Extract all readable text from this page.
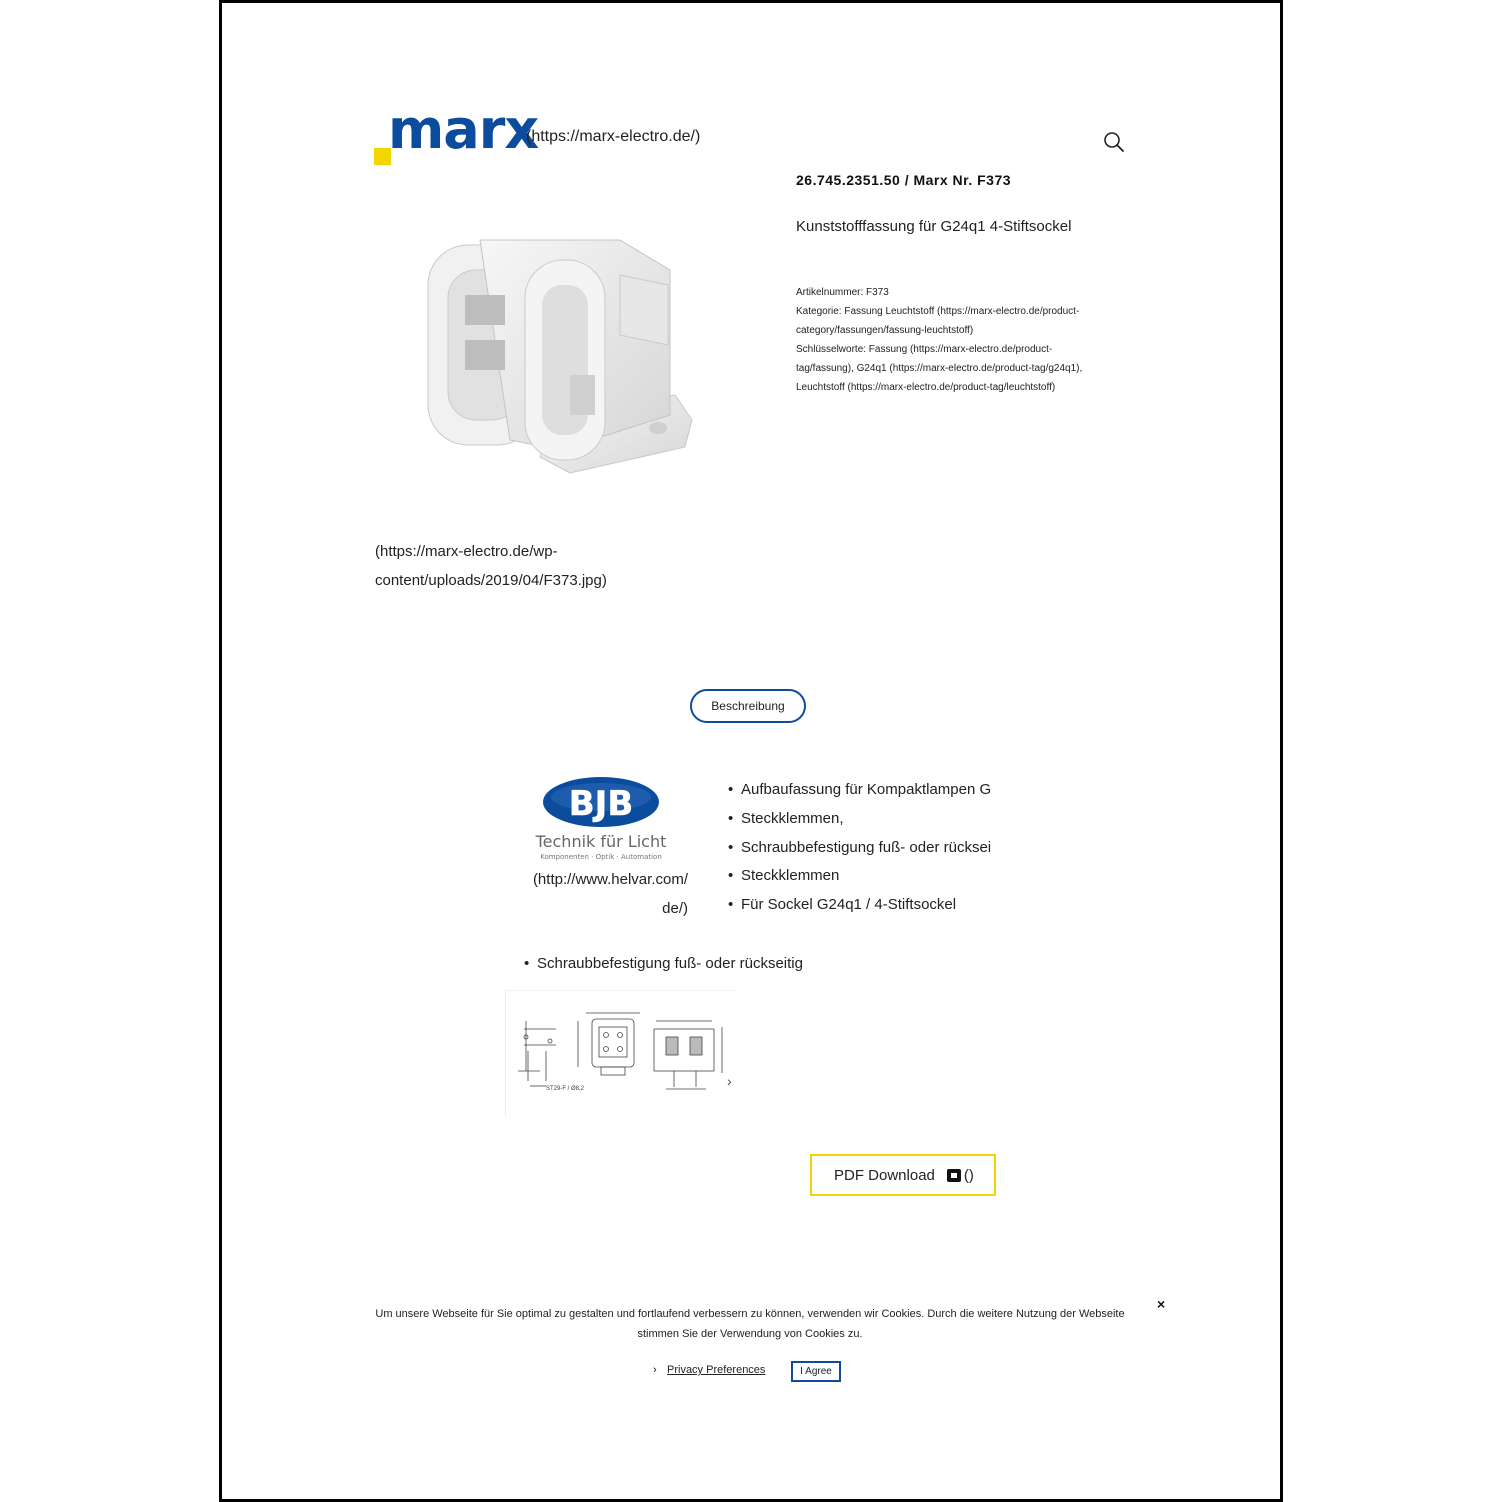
marx
(https://marx-electro.de/)
26.745.2351.50 / Marx Nr. F373
Kunststofffassung für G24q1 4-Stiftsockel
Artikelnummer: F373
Kategorie: Fassung Leuchtstoff (https://marx-electro.de/product-
category/fassungen/fassung-leuchtstoff)
Schlüsselworte: Fassung (https://marx-electro.de/product-
tag/fassung), G24q1 (https://marx-electro.de/product-tag/g24q1),
Leuchtstoff (https://marx-electro.de/product-tag/leuchtstoff)
(https://marx-electro.de/wp-
content/uploads/2019/04/F373.jpg)
Beschreibung
BJB
Technik für Licht
Komponenten · Optik · Automation
(http://www.helvar.com/
de/)
• Aufbaufassung für Kompaktlampen G
• Steckklemmen,
• Schraubbefestigung fuß- oder rücksei
• Steckklemmen
• Für Sockel G24q1 / 4-Stiftsockel
• Schraubbefestigung fuß- oder rückseitig
ST29-F / Ø8,2	›
PDF Download ()
×
Um unsere Webseite für Sie optimal zu gestalten und fortlaufend verbessern zu können, verwenden wir Cookies. Durch die weitere Nutzung der Webseite
stimmen Sie der Verwendung von Cookies zu.
› Privacy Preferences	I Agree
